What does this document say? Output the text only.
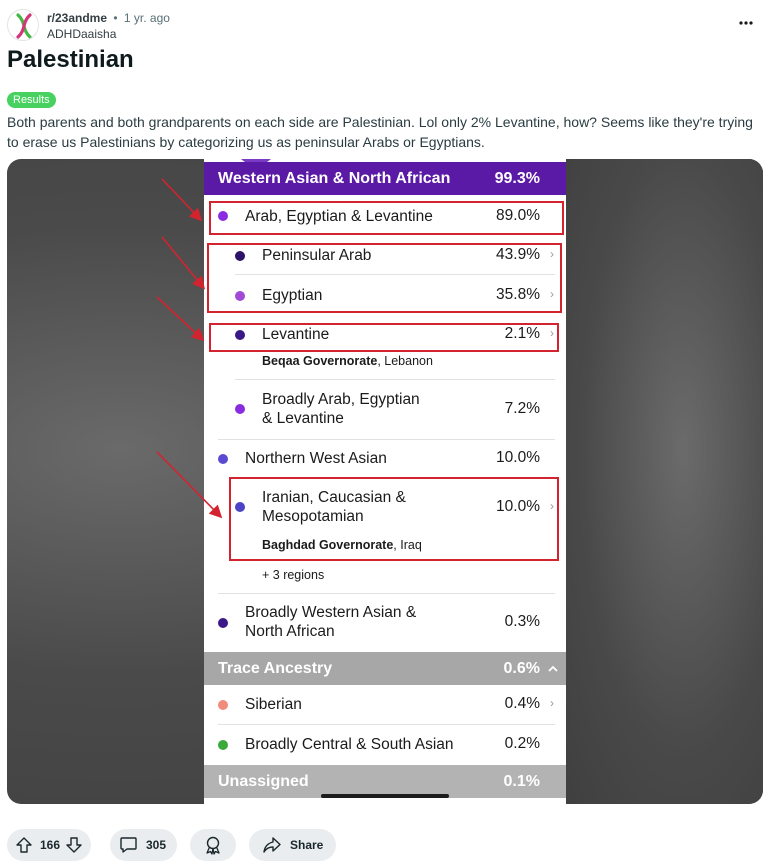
r/23andme • 1 yr. ago
ADHDaaisha
Palestinian
Results

Both parents and both grandparents on each side are Palestinian. Lol only 2% Levantine, how? Seems like they're trying to erase us Palestinians by categorizing us as peninsular Arabs or Egyptians.

Western Asian & North African	99.3%
Arab, Egyptian & Levantine	89.0%
Peninsular Arab	43.9% ›
Egyptian	35.8% ›
Levantine	2.1% ›
Beqaa Governorate, Lebanon
Broadly Arab, Egyptian
& Levantine
7.2%
Northern West Asian	10.0%
Iranian, Caucasian &
Mesopotamian
10.0% ›
Baghdad Governorate, Iraq
+ 3 regions
Broadly Western Asian &
North African
0.3%
Trace Ancestry	0.6%
Siberian	0.4% ›
Broadly Central & South Asian	0.2%
Unassigned	0.1%
166	305	Share
